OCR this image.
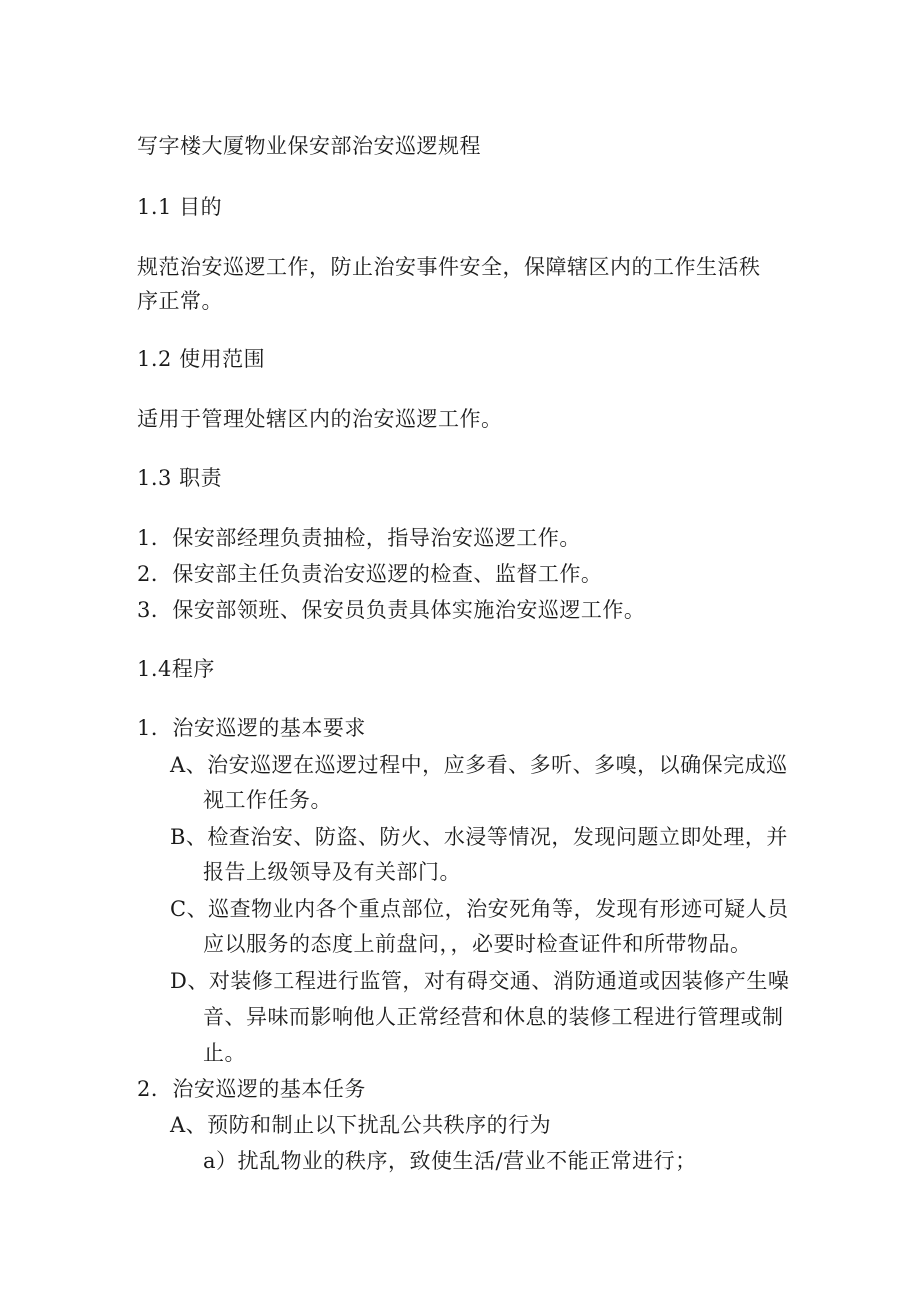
写字楼大厦物业保安部治安巡逻规程
1.1 目的
规范治安巡逻工作，防止治安事件安全，保障辖区内的工作生活秩
序正常。
1.2 使用范围
适用于管理处辖区内的治安巡逻工作。
1.3 职责
1．保安部经理负责抽检，指导治安巡逻工作。
2．保安部主任负责治安巡逻的检查、监督工作。
3．保安部领班、保安员负责具体实施治安巡逻工作。
1.4程序
1．治安巡逻的基本要求
A、治安巡逻在巡逻过程中，应多看、多听、多嗅，以确保完成巡
视工作任务。
B、检查治安、防盗、防火、水浸等情况，发现问题立即处理，并
报告上级领导及有关部门。
C、巡查物业内各个重点部位，治安死角等，发现有形迹可疑人员
应以服务的态度上前盘问，，必要时检查证件和所带物品。
D、对装修工程进行监管，对有碍交通、消防通道或因装修产生噪
音、异味而影响他人正常经营和休息的装修工程进行管理或制
止。
2．治安巡逻的基本任务
A、预防和制止以下扰乱公共秩序的行为
a）扰乱物业的秩序，致使生活/营业不能正常进行；
